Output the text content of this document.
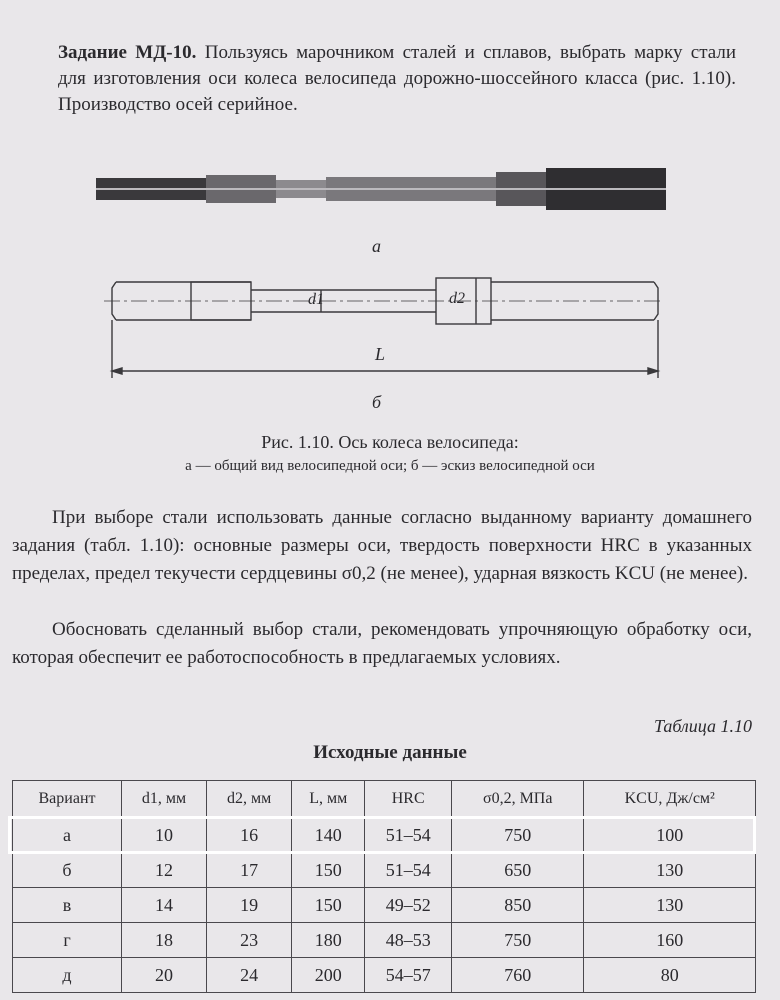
Задание МД-10. Пользуясь марочником сталей и сплавов, выбрать марку стали для изготовления оси колеса велосипеда дорожно-шоссейного класса (рис. 1.10). Производство осей серийное.
а
d1	d2
L
б
Рис. 1.10. Ось колеса велосипеда:
а — общий вид велосипедной оси; б — эскиз велосипедной оси
При выборе стали использовать данные согласно выданному варианту домашнего задания (табл. 1.10): основные размеры оси, твердость поверхности HRC в указанных пределах, предел текучести сердцевины σ0,2 (не менее), ударная вязкость KCU (не менее).
Обосновать сделанный выбор стали, рекомендовать упрочняющую обработку оси, которая обеспечит ее работоспособность в предлагаемых условиях.
Таблица 1.10
Исходные данные
Вариант	d1, мм	d2, мм	L, мм	HRC	σ0,2, МПа	KCU, Дж/см²
а	10	16	140	51–54	750	100
б	12	17	150	51–54	650	130
в	14	19	150	49–52	850	130
г	18	23	180	48–53	750	160
д	20	24	200	54–57	760	80
